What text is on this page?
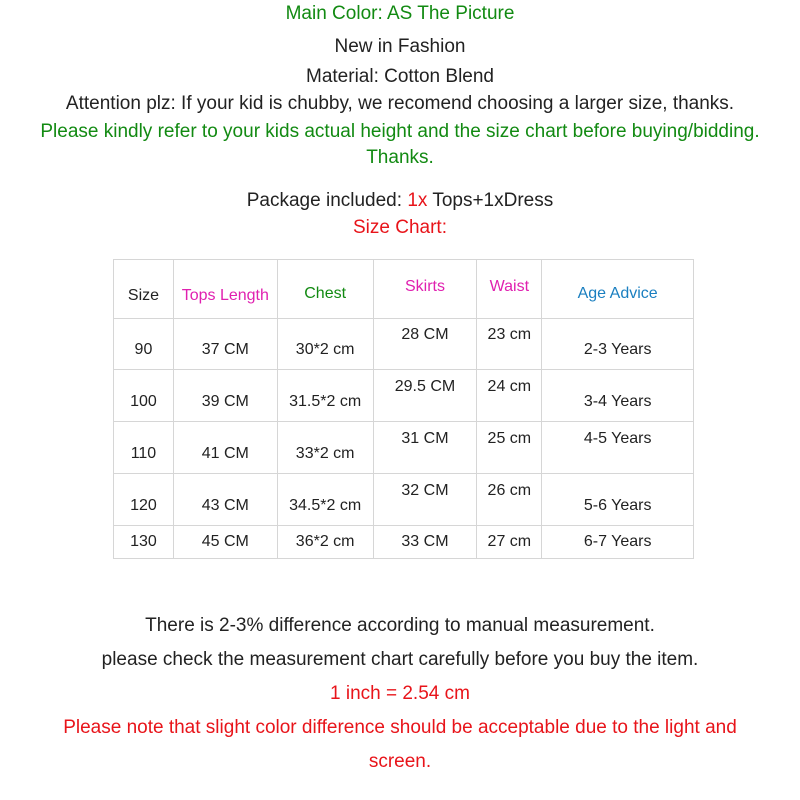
Main Color: AS The Picture
New in Fashion
Material: Cotton Blend
Attention plz: If your kid is chubby, we recomend choosing a larger size, thanks.
Please kindly refer to your kids actual height and the size chart before buying/bidding.
Thanks.
Package included: 1x Tops+1xDress
Size Chart:
Size	Tops Length	Chest	Skirts	Waist	Age Advice
90	37 CM	30*2 cm	28 CM	23 cm	2-3 Years
100	39 CM	31.5*2 cm	29.5 CM	24 cm	3-4 Years
110	41 CM	33*2 cm	31 CM	25 cm	4-5 Years
120	43 CM	34.5*2 cm	32 CM	26 cm	5-6 Years
130	45 CM	36*2 cm	33 CM	27 cm	6-7 Years
There is 2-3% difference according to manual measurement.
please check the measurement chart carefully before you buy the item.
1 inch = 2.54 cm
Please note that slight color difference should be acceptable due to the light and
screen.
